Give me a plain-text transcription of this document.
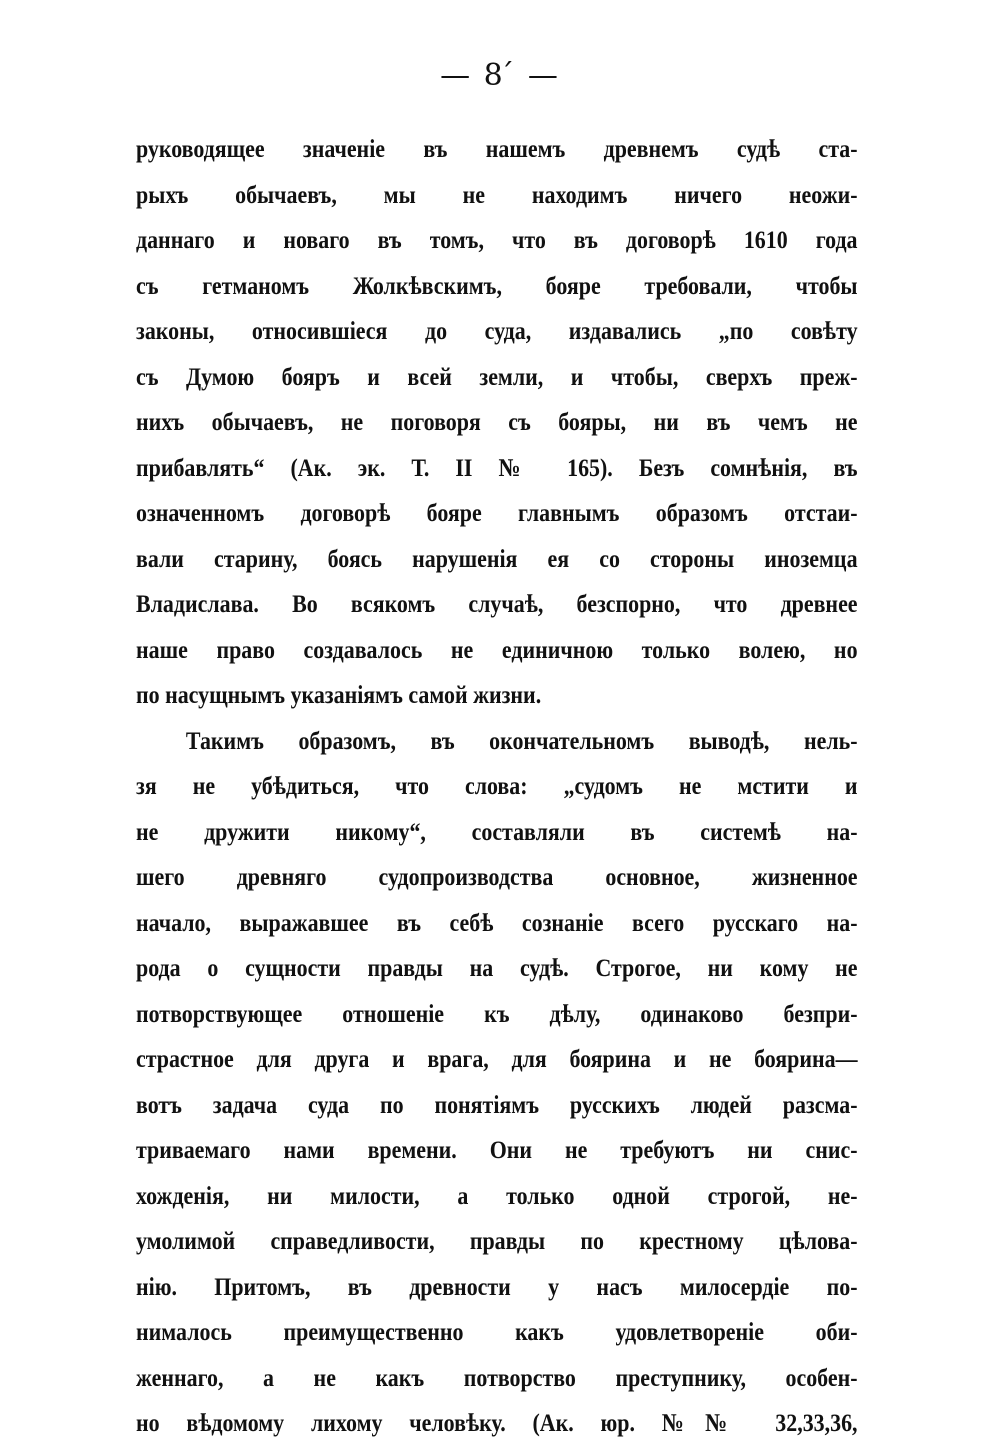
— 8 ́ —
руководящее значеніе въ нашемъ древнемъ судѣ ста-
рыхъ обычаевъ, мы не находимъ ничего неожи-
даннаго и новаго въ томъ, что въ договорѣ 1610 года
съ гетманомъ Жолкѣвскимъ, бояре требовали, чтобы
законы, относившіеся до суда, издавались „по совѣту
съ Думою бояръ и всей земли, и чтобы, сверхъ преж-
нихъ обычаевъ, не поговоря съ бояры, ни въ чемъ не
прибавлять“ (Ак. эк. Т. II № 165). Безъ сомнѣнія, въ
означенномъ договорѣ бояре главнымъ образомъ отстаи-
вали старину, боясь нарушенія ея со стороны иноземца
Владислава. Во всякомъ случаѣ, безспорно, что древнее
наше право создавалось не единичною только волею, но
по насущнымъ указаніямъ самой жизни.
Такимъ образомъ, въ окончательномъ выводѣ, нель-
зя не убѣдиться, что слова: „судомъ не мстити и
не дружити никому“, составляли въ системѣ на-
шего древняго судопроизводства основное, жизненное
начало, выражавшее въ себѣ сознаніе всего русскаго на-
рода о сущности правды на судѣ. Строгое, ни кому не
потворствующее отношеніе къ дѣлу, одинаково безпри-
страстное для друга и врага, для боярина и не боярина—
вотъ задача суда по понятіямъ русскихъ людей разсма-
триваемаго нами времени. Они не требуютъ ни снис-
хожденія, ни милости, а только одной строгой, не-
умолимой справедливости, правды по крестному цѣлова-
нію. Притомъ, въ древности у насъ милосердіе по-
нималось преимущественно какъ удовлетвореніе оби-
женнаго, а не какъ потворство преступнику, особен-
но вѣдомому лихому человѣку. (Ак. юр. №№ 32,33,36,
